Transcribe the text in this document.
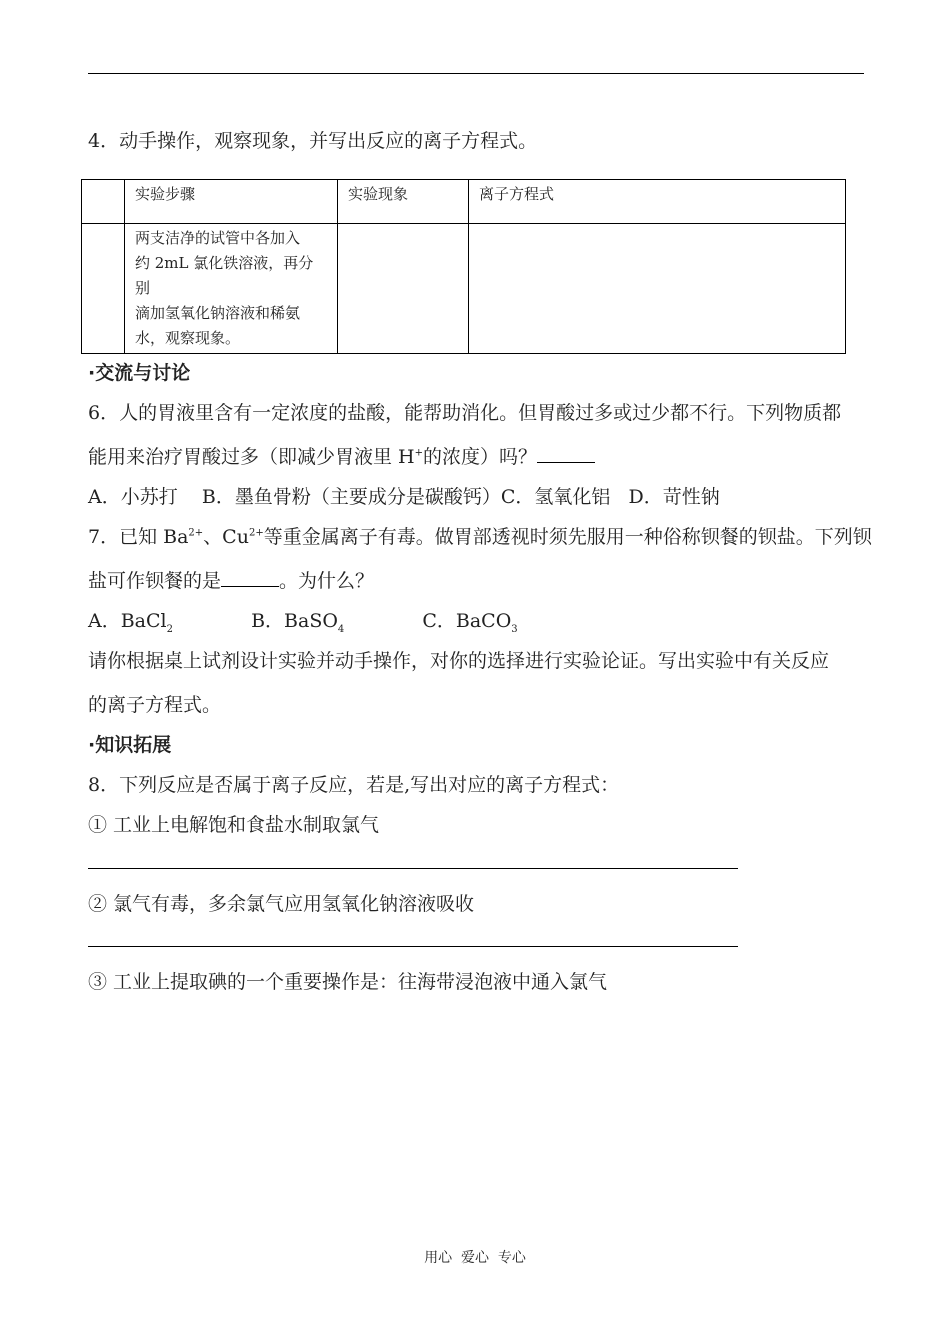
4．动手操作，观察现象，并写出反应的离子方程式。
	实验步骤	实验现象	离子方程式

	两支洁净的试管中各加入
约 2mL 氯化铁溶液，再分别
滴加氢氧化钠溶液和稀氨
水，观察现象。		

·交流与讨论
6．人的胃液里含有一定浓度的盐酸，能帮助消化。但胃酸过多或过少都不行。下列物质都
能用来治疗胃酸过多（即减少胃液里 H+的浓度）吗？
A．小苏打    B．墨鱼骨粉（主要成分是碳酸钙）C．氢氧化铝   D．苛性钠
7．已知 $Ba^{2+}$、$Cu^{2+}$等重金属离子有毒。做胃部透视时须先服用一种俗称钡餐的钡盐。下列钡
盐可作钡餐的是	。为什么？
A．BaCl$_2$	B．BaSO$_4$	C．BaCO$_3$
请你根据桌上试剂设计实验并动手操作，对你的选择进行实验论证。写出实验中有关反应
的离子方程式。
·知识拓展
8．下列反应是否属于离子反应，若是,写出对应的离子方程式：
① 工业上电解饱和食盐水制取氯气
② 氯气有毒，多余氯气应用氢氧化钠溶液吸收
③ 工业上提取碘的一个重要操作是：往海带浸泡液中通入氯气
用心  爱心  专心
